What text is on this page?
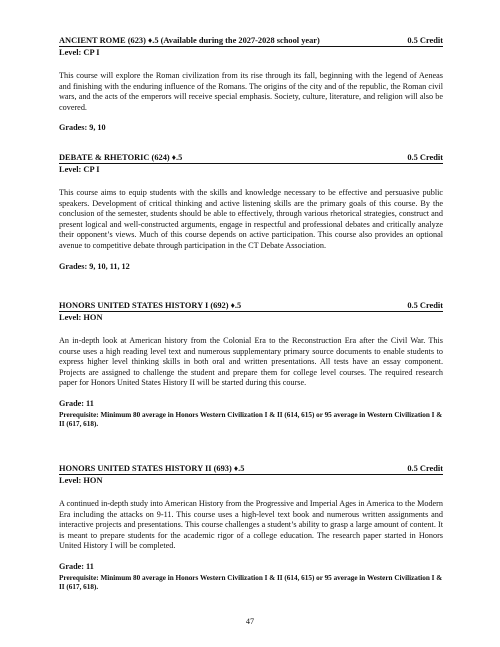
ANCIENT ROME (623) ♦.5 (Available during the 2027-2028 school year)	0.5 Credit
Level: CP I
This course will explore the Roman civilization from its rise through its fall, beginning with the legend of Aeneas and finishing with the enduring influence of the Romans. The origins of the city and of the republic, the Roman civil wars, and the acts of the emperors will receive special emphasis. Society, culture, literature, and religion will also be covered.
Grades: 9, 10
DEBATE & RHETORIC (624) ♦.5	0.5 Credit
Level: CP I
This course aims to equip students with the skills and knowledge necessary to be effective and persuasive public speakers. Development of critical thinking and active listening skills are the primary goals of this course. By the conclusion of the semester, students should be able to effectively, through various rhetorical strategies, construct and present logical and well-constructed arguments, engage in respectful and professional debates and critically analyze their opponent’s views. Much of this course depends on active participation. This course also provides an optional avenue to competitive debate through participation in the CT Debate Association.
Grades: 9, 10, 11, 12
HONORS UNITED STATES HISTORY I (692) ♦.5	0.5 Credit
Level: HON
An in-depth look at American history from the Colonial Era to the Reconstruction Era after the Civil War. This course uses a high reading level text and numerous supplementary primary source documents to enable students to express higher level thinking skills in both oral and written presentations. All tests have an essay component. Projects are assigned to challenge the student and prepare them for college level courses. The required research paper for Honors United States History II will be started during this course.
Grade: 11
Prerequisite: Minimum 80 average in Honors Western Civilization I & II (614, 615) or 95 average in Western Civilization I & II (617, 618).
HONORS UNITED STATES HISTORY II (693) ♦.5	0.5 Credit
Level: HON
A continued in-depth study into American History from the Progressive and Imperial Ages in America to the Modern Era including the attacks on 9-11. This course uses a high-level text book and numerous written assignments and interactive projects and presentations. This course challenges a student’s ability to grasp a large amount of content. It is meant to prepare students for the academic rigor of a college education. The research paper started in Honors United History I will be completed.
Grade: 11
Prerequisite: Minimum 80 average in Honors Western Civilization I & II (614, 615) or 95 average in Western Civilization I & II (617, 618).
47
